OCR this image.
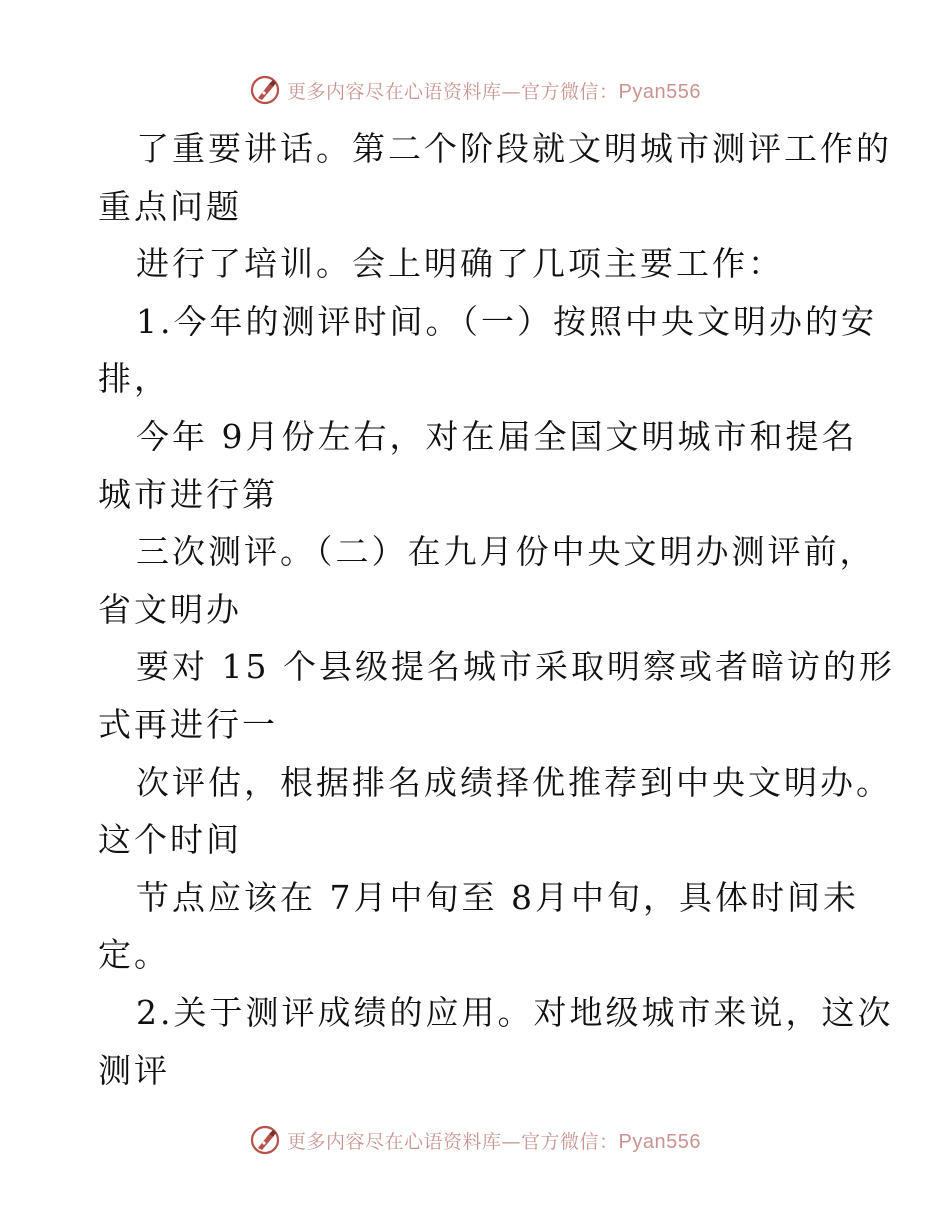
更多内容尽在心语资料库—官方微信：Pyan556

了重要讲话。第二个阶段就文明城市测评工作的

重点问题

进行了培训。会上明确了几项主要工作：

1.今年的测评时间。（一）按照中央文明办的安

排，

今年 9月份左右，对在届全国文明城市和提名

城市进行第

三次测评。（二）在九月份中央文明办测评前，

省文明办

要对 15 个县级提名城市采取明察或者暗访的形

式再进行一

次评估，根据排名成绩择优推荐到中央文明办。

这个时间

节点应该在 7月中旬至 8月中旬，具体时间未

定。

2.关于测评成绩的应用。对地级城市来说，这次

测评

更多内容尽在心语资料库—官方微信：Pyan556
